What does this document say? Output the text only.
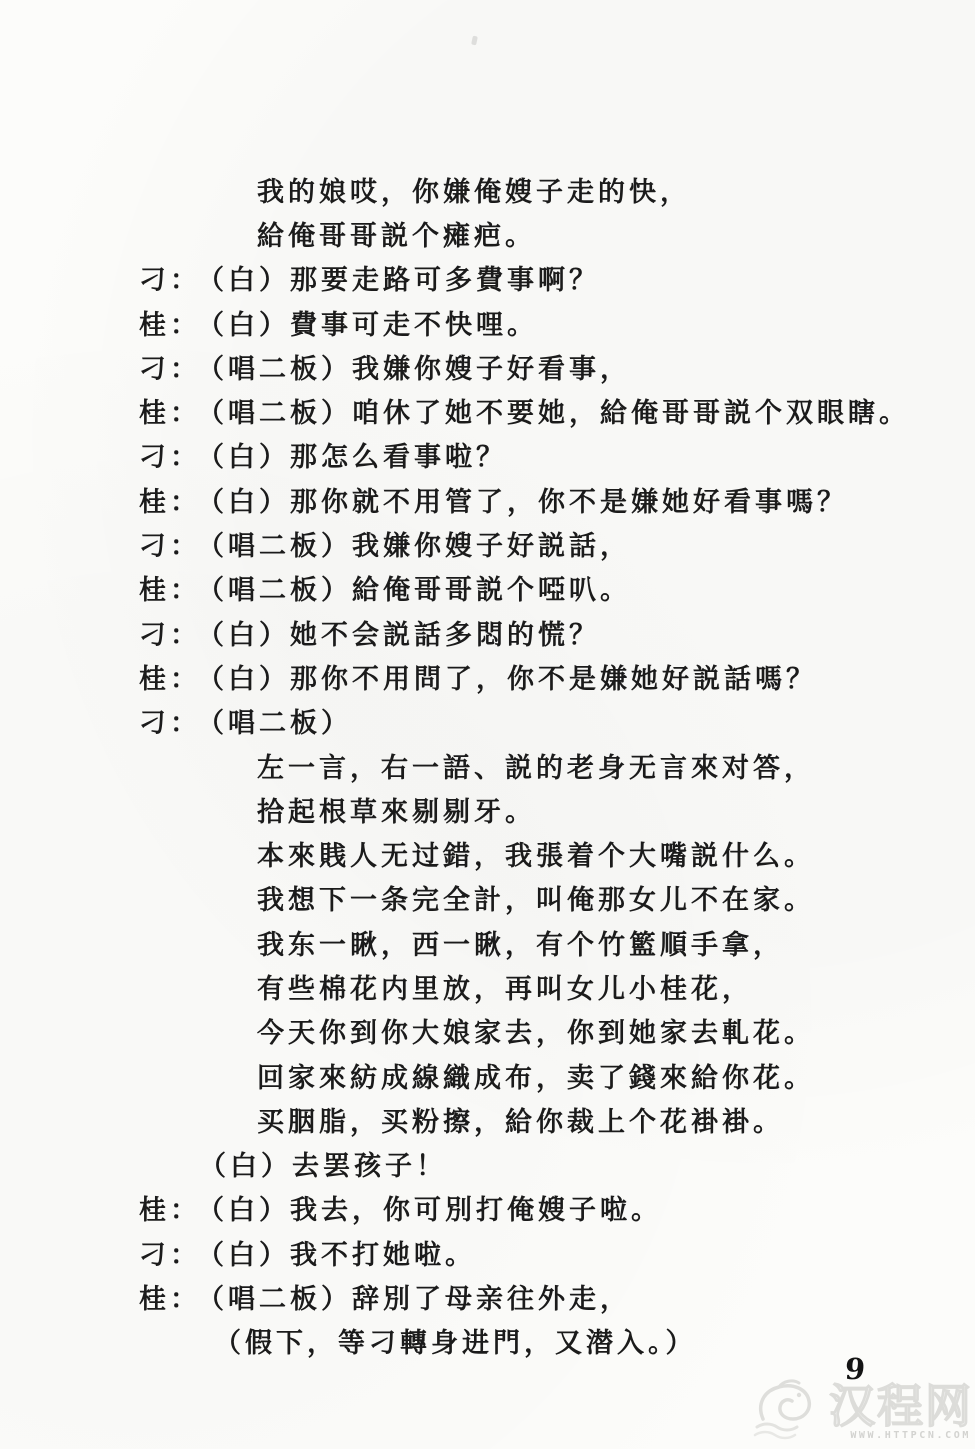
我的娘哎，你嫌俺嫂子走的快，
給俺哥哥説个瘫疤。
刁：
（白）那要走路可多費事啊？
桂：
（白）費事可走不快哩。
刁：
（唱二板）我嫌你嫂子好看事，
桂：
（唱二板）咱休了她不要她，給俺哥哥説个双眼瞎。
刁：
（白）那怎么看事啦？
桂：
（白）那你就不用管了，你不是嫌她好看事嗎？
刁：
（唱二板）我嫌你嫂子好説話，
桂：
（唱二板）給俺哥哥説个啞叭。
刁：
（白）她不会説話多悶的慌？
桂：
（白）那你不用問了，你不是嫌她好説話嗎？
刁：
（唱二板）
左一言，右一語、説的老身无言來对答，
拾起根草來剔剔牙。
本來賎人无过錯，我張着个大嘴説什么。
我想下一条完全計，叫俺那女儿不在家。
我东一瞅，西一瞅，有个竹籃順手拿，
有些棉花内里放，再叫女儿小桂花，
今天你到你大娘家去，你到她家去軋花。
回家來紡成線織成布，卖了錢來給你花。
买胭脂，买粉擦，給你裁上个花褂褂。
（白）去罢孩子！
桂：
（白）我去，你可別打俺嫂子啦。
刁：
（白）我不打她啦。
桂：
（唱二板）辞別了母亲往外走，
（假下，等刁轉身进門，又潜入。）
9
汉程网
WWW.HTTPCN.COM
